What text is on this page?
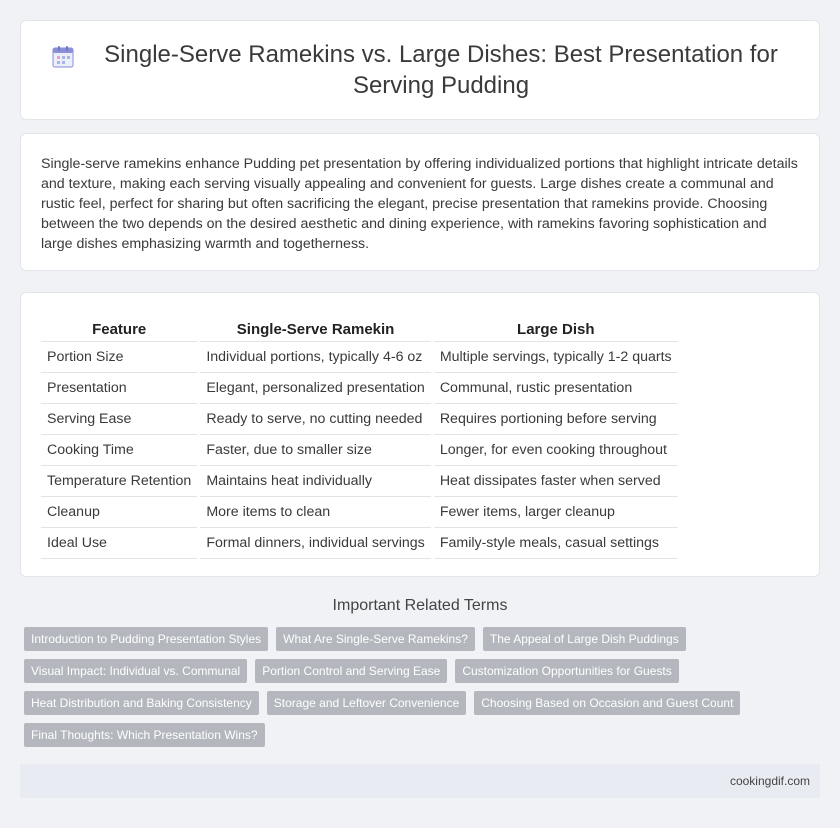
Single-Serve Ramekins vs. Large Dishes: Best Presentation for Serving Pudding

Single-serve ramekins enhance Pudding pet presentation by offering individualized portions that highlight intricate details and texture, making each serving visually appealing and convenient for guests. Large dishes create a communal and rustic feel, perfect for sharing but often sacrificing the elegant, precise presentation that ramekins provide. Choosing between the two depends on the desired aesthetic and dining experience, with ramekins favoring sophistication and large dishes emphasizing warmth and togetherness.

Feature	Single-Serve Ramekin	Large Dish
Portion Size	Individual portions, typically 4-6 oz	Multiple servings, typically 1-2 quarts
Presentation	Elegant, personalized presentation	Communal, rustic presentation
Serving Ease	Ready to serve, no cutting needed	Requires portioning before serving
Cooking Time	Faster, due to smaller size	Longer, for even cooking throughout
Temperature Retention	Maintains heat individually	Heat dissipates faster when served
Cleanup	More items to clean	Fewer items, larger cleanup
Ideal Use	Formal dinners, individual servings	Family-style meals, casual settings
Important Related Terms
Introduction to Pudding Presentation Styles	What Are Single-Serve Ramekins?	The Appeal of Large Dish Puddings
Visual Impact: Individual vs. Communal	Portion Control and Serving Ease	Customization Opportunities for Guests
Heat Distribution and Baking Consistency	Storage and Leftover Convenience	Choosing Based on Occasion and Guest Count
Final Thoughts: Which Presentation Wins?
cookingdif.com
